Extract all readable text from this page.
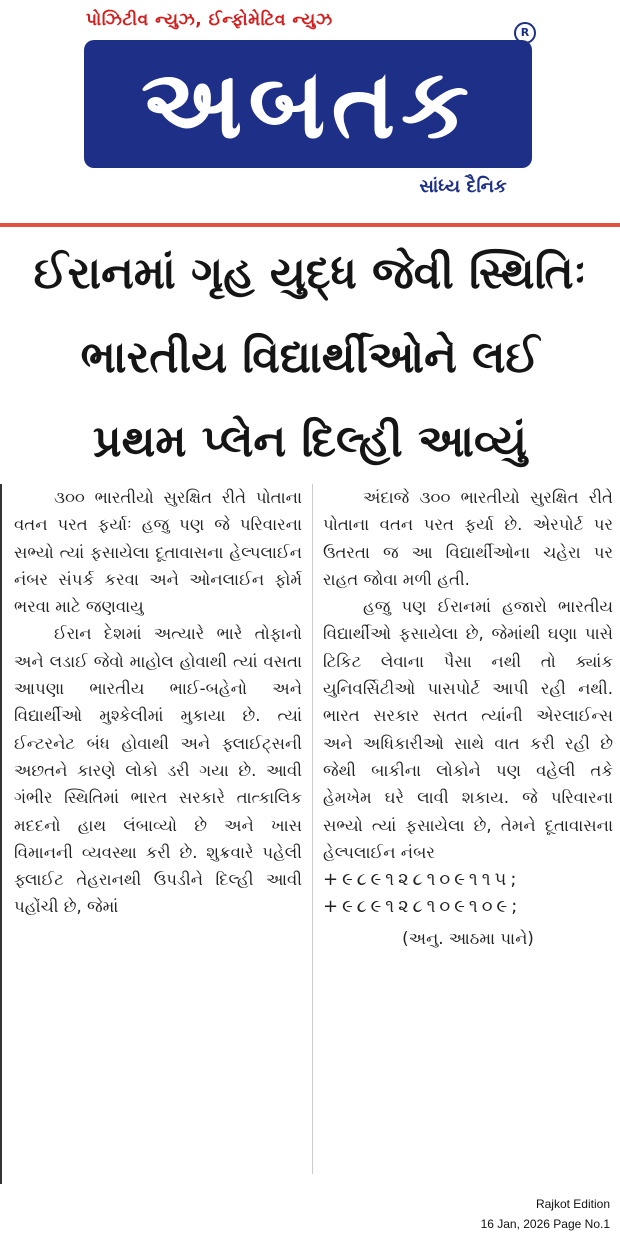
પોઝિટીવ ન્યુઝ, ઈન્ફોમેટિવ ન્યુઝ
R
અબતક
સાંધ્ય દૈનિક
ઈરાનમાં ગૃહ યુદ્ધ જેવી સ્થિતિઃ
ભારતીય વિદ્યાર્થીઓને લઈ
પ્રથમ પ્લેન દિલ્હી આવ્યું

૩૦૦ ભારતીયો સુરક્ષિત રીતે પોતાના વતન પરત ફર્યાઃ હજુ પણ જે પરિવારના સભ્યો ત્યાં ફસાયેલા દૂતાવાસના હેલ્પલાઈન નંબર સંપર્ક કરવા અને ઓનલાઈન ફોર્મ ભરવા માટે જણવાયુ

ઈરાન દેશમાં અત્યારે ભારે તોફાનો અને લડાઈ જેવો માહોલ હોવાથી ત્યાં વસતા આપણા ભારતીય ભાઈ-બહેનો અને વિદ્યાર્થીઓ મુશ્કેલીમાં મુકાયા છે. ત્યાં ઈન્ટરનેટ બંધ હોવાથી અને ફ્લાઈટ્સની અછતને કારણે લોકો ડરી ગયા છે. આવી ગંભીર સ્થિતિમાં ભારત સરકારે તાત્કાલિક મદદનો હાથ લંબાવ્યો છે અને ખાસ વિમાનની વ્યવસ્થા કરી છે. શુક્રવારે પહેલી ફ્લાઈટ તેહરાનથી ઉપડીને દિલ્હી આવી પહોંચી છે, જેમાં

અંદાજે ૩૦૦ ભારતીયો સુરક્ષિત રીતે પોતાના વતન પરત ફર્યા છે. એરપોર્ટ પર ઉતરતા જ આ વિદ્યાર્થીઓના ચહેરા પર રાહત જોવા મળી હતી.

હજુ પણ ઈરાનમાં હજારો ભારતીય વિદ્યાર્થીઓ ફસાયેલા છે, જેમાંથી ઘણા પાસે ટિકિટ લેવાના પૈસા નથી તો ક્યાંક યુનિવર્સિટીઓ પાસપોર્ટ આપી રહી નથી. ભારત સરકાર સતત ત્યાંની એરલાઈન્સ અને અધિકારીઓ સાથે વાત કરી રહી છે જેથી બાકીના લોકોને પણ વહેલી તકે હેમખેમ ઘરે લાવી શકાય. જે પરિવારના સભ્યો ત્યાં ફસાયેલા છે, તેમને દૂતાવાસના હેલ્પલાઈન નંબર

+૯૮૯૧૨૮૧૦૯૧૧૫;

+૯૮૯૧૨૮૧૦૯૧૦૯;

(અનુ. આઠમા પાને)

Rajkot Edition
16 Jan, 2026 Page No.1
